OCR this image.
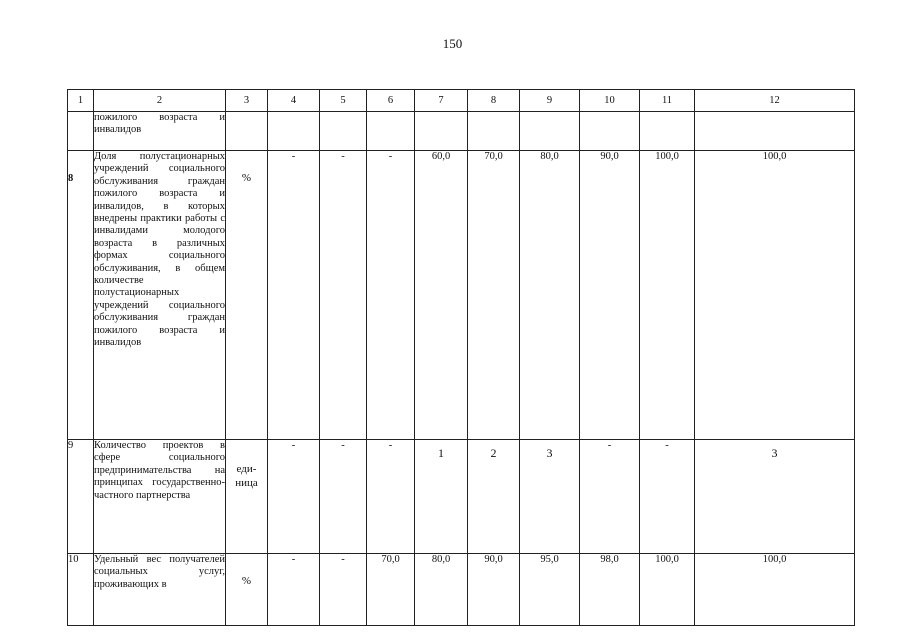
150
1	2	3	4	5	6	7	8	9	10	11	12
	пожилого возраста и инвалидов										
8	Доля полустационарных учреждений социального обслуживания граждан пожилого возраста и инвалидов, в которых внедрены практики работы с инвалидами молодого возраста в различных формах социального обслуживания, в общем количестве полустационарных учреждений социального обслуживания граждан пожилого возраста и инвалидов	%	-	-	-	60,0	70,0	80,0	90,0	100,0	100,0
9	Количество проектов в сфере социального предпринимательства на принципах государственно-частного партнерства	еди-ница	-	-	-	1	2	3	-	-	3
10	Удельный вес получателей социальных услуг, проживающих в	%	-	-	70,0	80,0	90,0	95,0	98,0	100,0	100,0
